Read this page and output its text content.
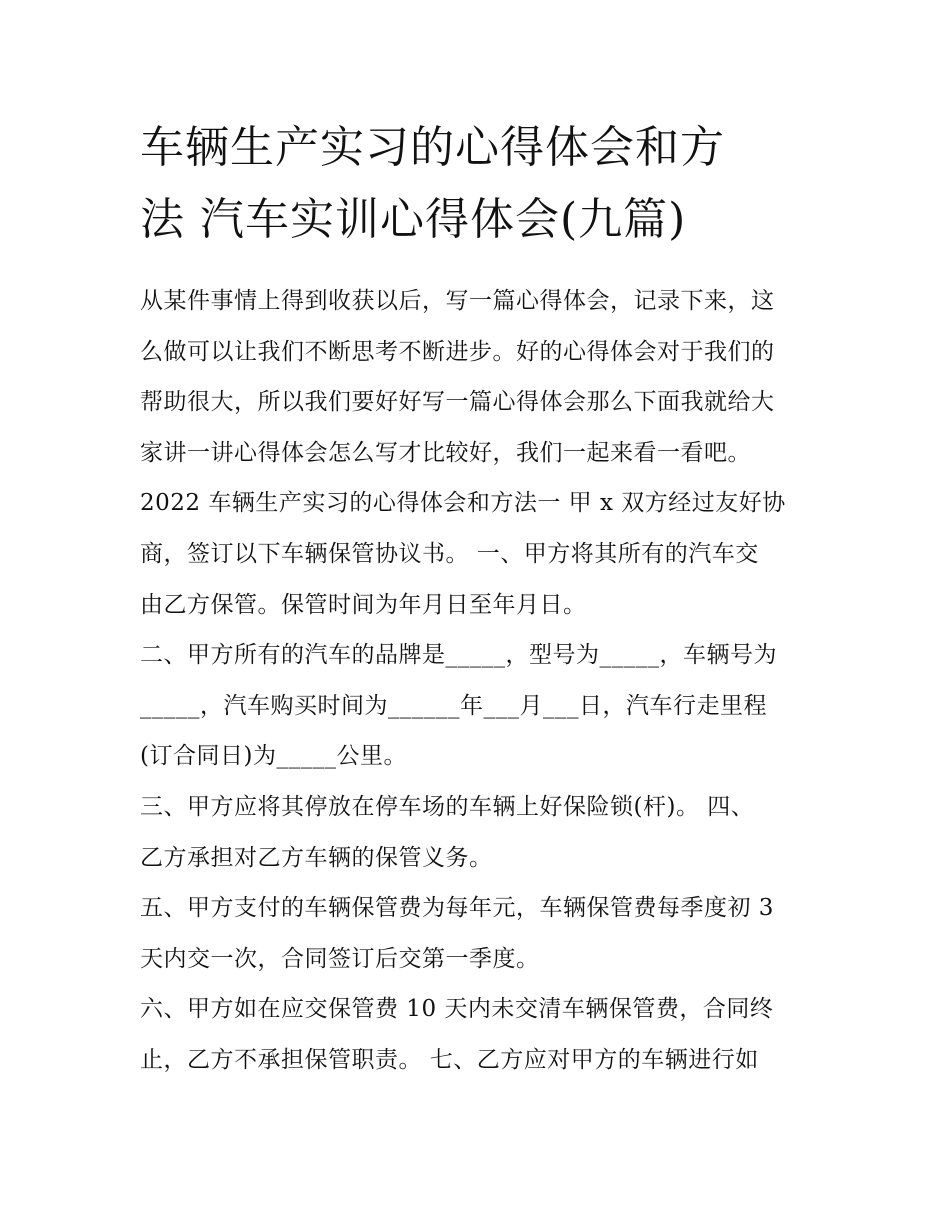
车辆生产实习的心得体会和方
法 汽车实训心得体会(九篇)
从某件事情上得到收获以后，写一篇心得体会，记录下来，这
么做可以让我们不断思考不断进步。好的心得体会对于我们的
帮助很大，所以我们要好好写一篇心得体会那么下面我就给大
家讲一讲心得体会怎么写才比较好，我们一起来看一看吧。
2022 车辆生产实习的心得体会和方法一 甲 x 双方经过友好协
商，签订以下车辆保管协议书。 一、甲方将其所有的汽车交
由乙方保管。保管时间为年月日至年月日。
二、甲方所有的汽车的品牌是_____，型号为_____，车辆号为
_____，汽车购买时间为______年___月___日，汽车行走里程
(订合同日)为_____公里。
三、甲方应将其停放在停车场的车辆上好保险锁(杆)。 四、
乙方承担对乙方车辆的保管义务。
五、甲方支付的车辆保管费为每年元，车辆保管费每季度初 3
天内交一次，合同签订后交第一季度。
六、甲方如在应交保管费 10 天内未交清车辆保管费，合同终
止，乙方不承担保管职责。 七、乙方应对甲方的车辆进行如
